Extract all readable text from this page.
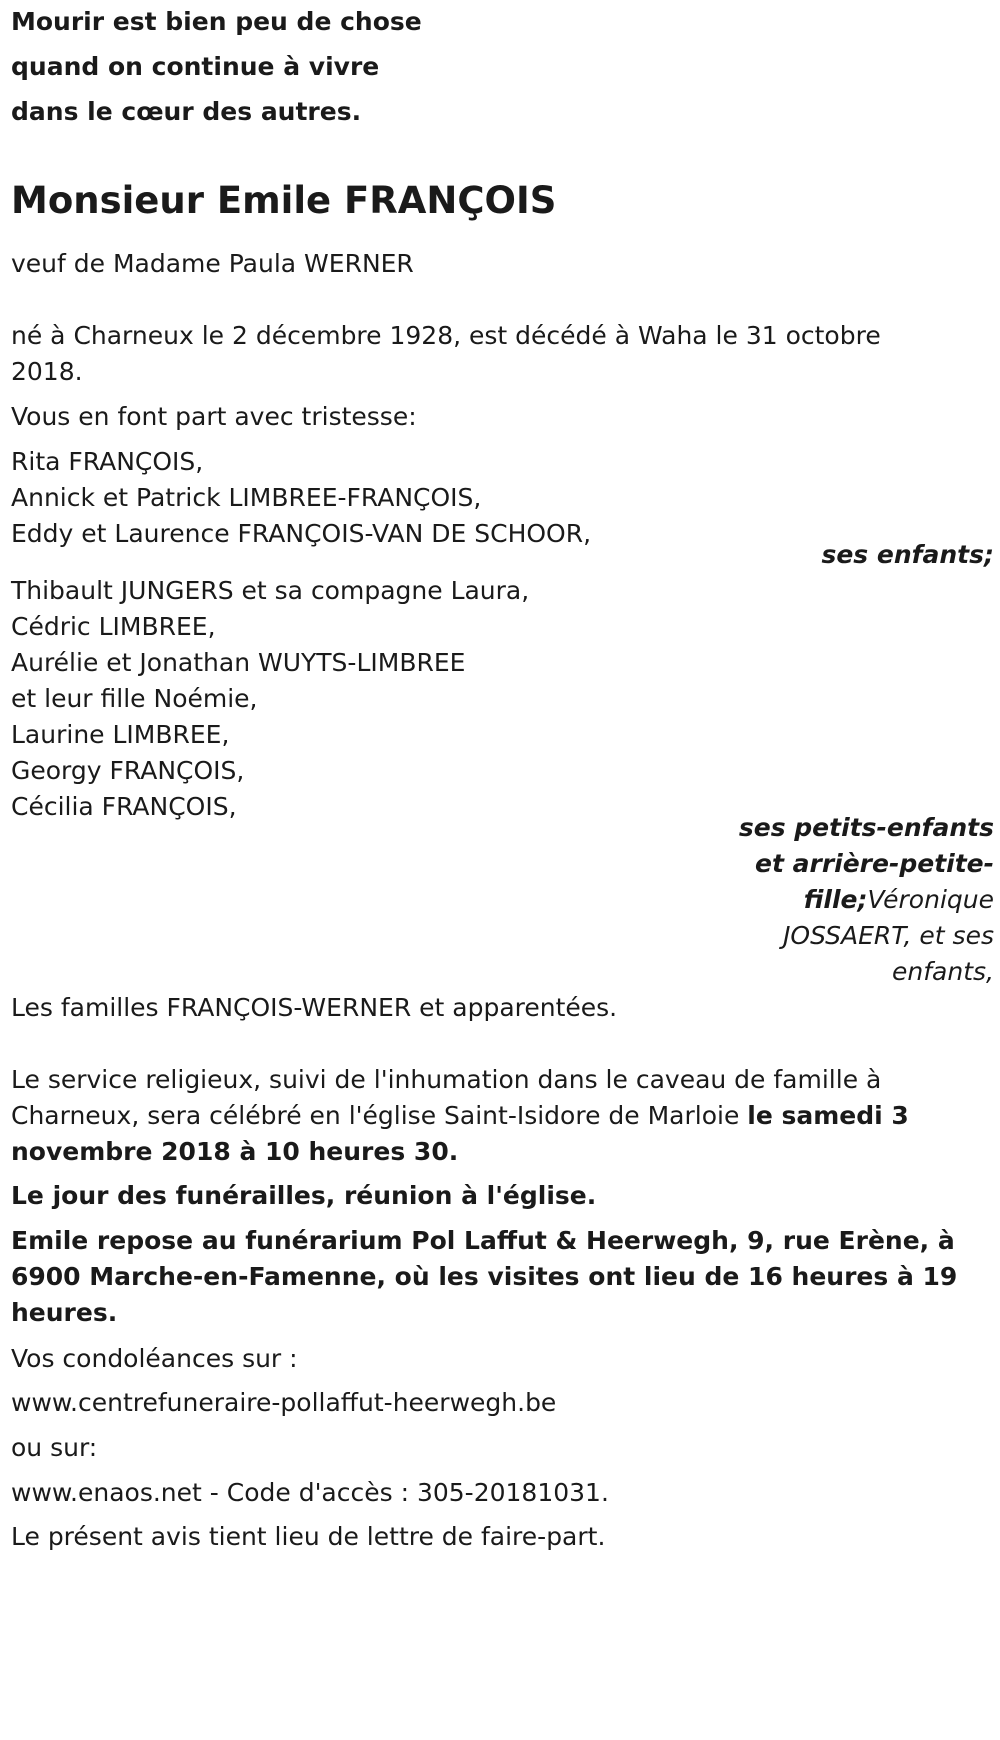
Mourir est bien peu de chose
quand on continue à vivre
dans le cœur des autres.
Monsieur Emile FRANÇOIS
veuf de Madame Paula WERNER
né à Charneux le 2 décembre 1928, est décédé à Waha le 31 octobre
2018.
Vous en font part avec tristesse:
Rita FRANÇOIS,
Annick et Patrick LIMBREE-FRANÇOIS,
Eddy et Laurence FRANÇOIS-VAN DE SCHOOR,
ses enfants;
Thibault JUNGERS et sa compagne Laura,
Cédric LIMBREE,
Aurélie et Jonathan WUYTS-LIMBREE
et leur fille Noémie,
Laurine LIMBREE,
Georgy FRANÇOIS,
Cécilia FRANÇOIS,
ses petits-enfants
et arrière-petite-
fille;Véronique
JOSSAERT, et ses
enfants,
Les familles FRANÇOIS-WERNER et apparentées.
Le service religieux, suivi de l'inhumation dans le caveau de famille à
Charneux, sera célébré en l'église Saint-Isidore de Marloie le samedi 3
novembre 2018 à 10 heures 30.
Le jour des funérailles, réunion à l'église.
Emile repose au funérarium Pol Laffut & Heerwegh, 9, rue Erène, à
6900 Marche-en-Famenne, où les visites ont lieu de 16 heures à 19
heures.
Vos condoléances sur :
www.centrefuneraire-pollaffut-heerwegh.be
ou sur:
www.enaos.net - Code d'accès : 305-20181031.
Le présent avis tient lieu de lettre de faire-part.
